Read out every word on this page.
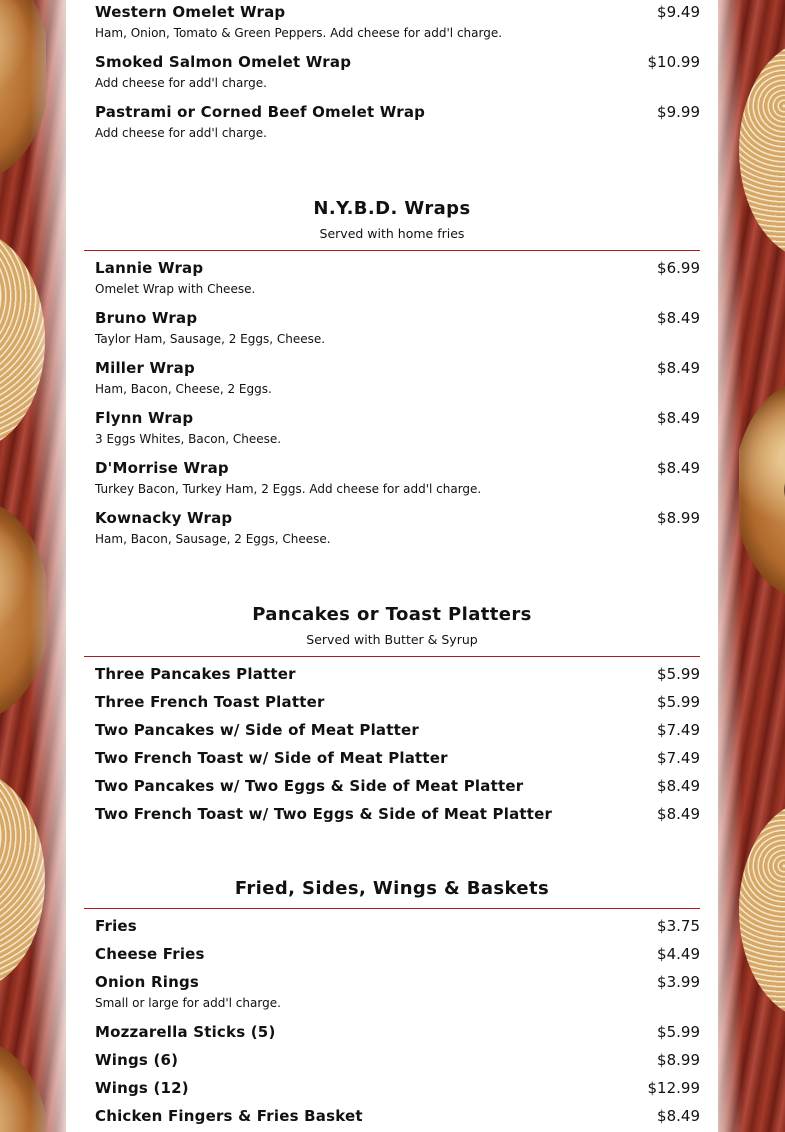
Western Omelet Wrap	$9.49
Ham, Onion, Tomato & Green Peppers. Add cheese for add'l charge.
Smoked Salmon Omelet Wrap	$10.99
Add cheese for add'l charge.
Pastrami or Corned Beef Omelet Wrap	$9.99
Add cheese for add'l charge.
N.Y.B.D. Wraps
Served with home fries
Lannie Wrap	$6.99
Omelet Wrap with Cheese.
Bruno Wrap	$8.49
Taylor Ham, Sausage, 2 Eggs, Cheese.
Miller Wrap	$8.49
Ham, Bacon, Cheese, 2 Eggs.
Flynn Wrap	$8.49
3 Eggs Whites, Bacon, Cheese.
D'Morrise Wrap	$8.49
Turkey Bacon, Turkey Ham, 2 Eggs. Add cheese for add'l charge.
Kownacky Wrap	$8.99
Ham, Bacon, Sausage, 2 Eggs, Cheese.
Pancakes or Toast Platters
Served with Butter & Syrup
Three Pancakes Platter	$5.99
Three French Toast Platter	$5.99
Two Pancakes w/ Side of Meat Platter	$7.49
Two French Toast w/ Side of Meat Platter	$7.49
Two Pancakes w/ Two Eggs & Side of Meat Platter	$8.49
Two French Toast w/ Two Eggs & Side of Meat Platter	$8.49
Fried, Sides, Wings & Baskets
Fries	$3.75
Cheese Fries	$4.49
Onion Rings	$3.99
Small or large for add'l charge.
Mozzarella Sticks (5)	$5.99
Wings (6)	$8.99
Wings (12)	$12.99
Chicken Fingers & Fries Basket	$8.49
